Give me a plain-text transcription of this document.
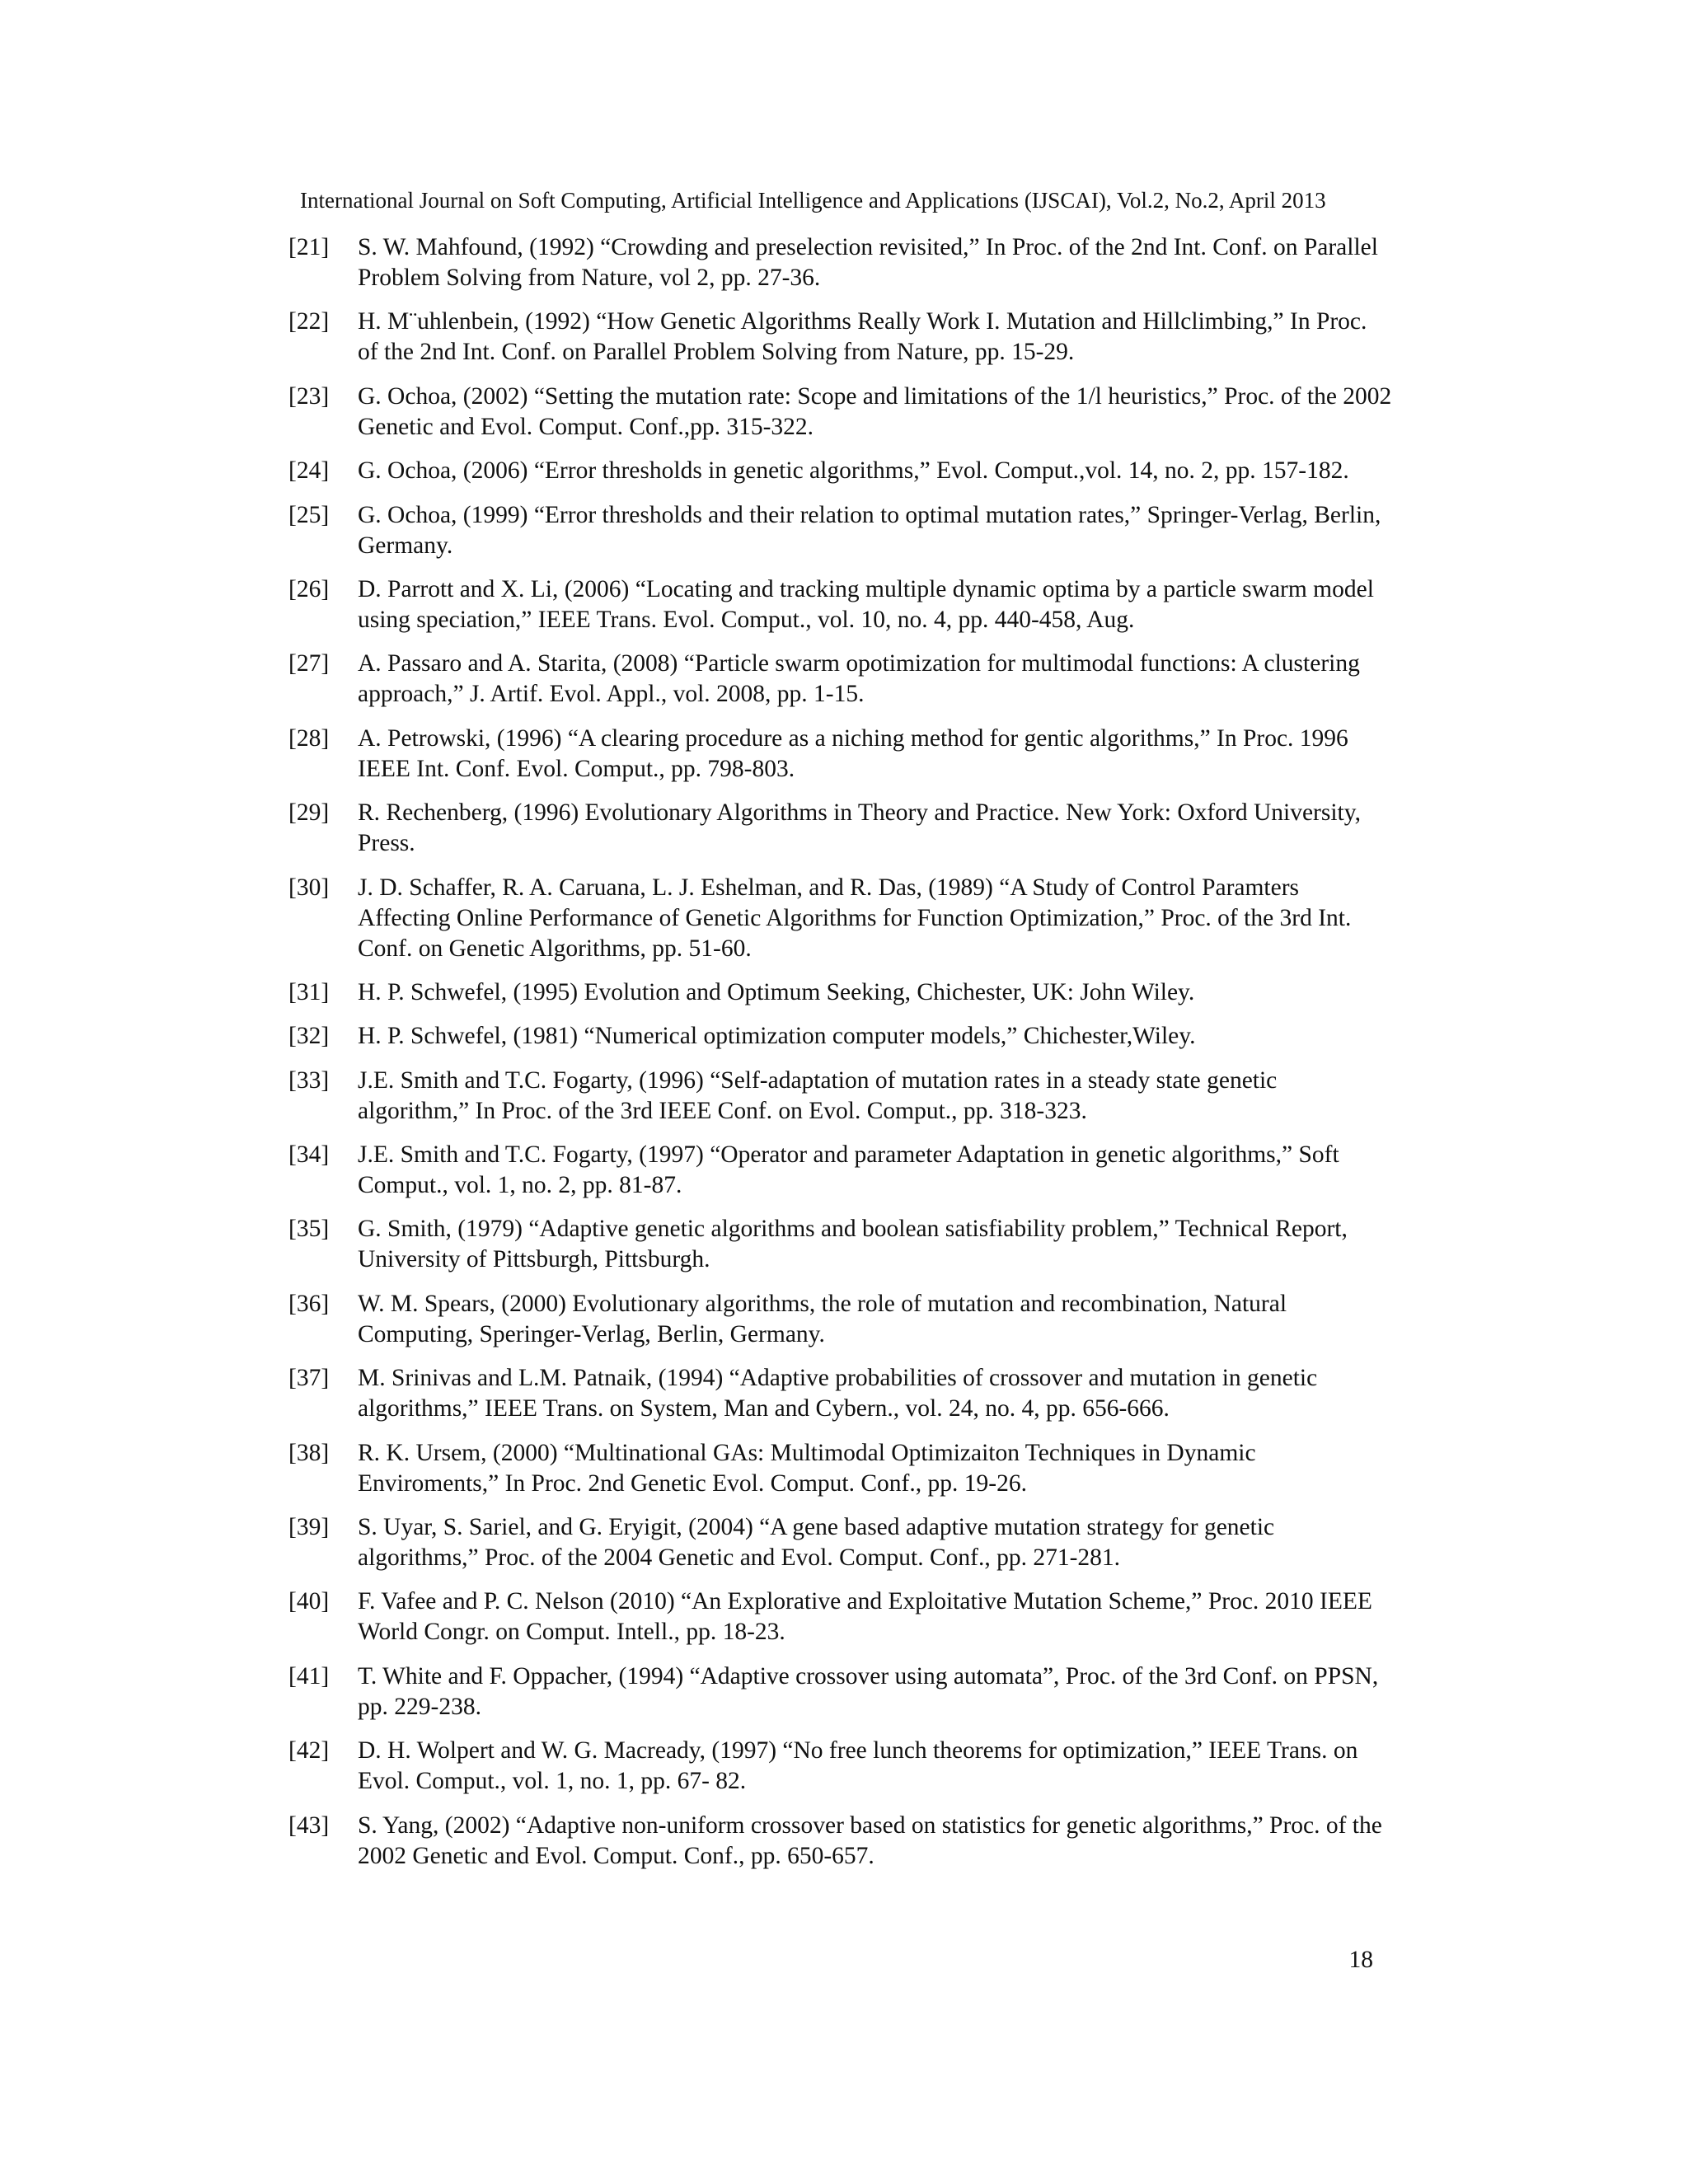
International Journal on Soft Computing, Artificial Intelligence and Applications (IJSCAI), Vol.2, No.2, April 2013
[21]	S. W. Mahfound, (1992) “Crowding and preselection revisited,” In Proc. of the 2nd Int. Conf. on Parallel Problem Solving from Nature, vol 2, pp. 27-36.
[22]	H. M¨uhlenbein, (1992) “How Genetic Algorithms Really Work I. Mutation and Hillclimbing,” In Proc. of the 2nd Int. Conf. on Parallel Problem Solving from Nature, pp. 15-29.
[23]	G. Ochoa, (2002) “Setting the mutation rate: Scope and limitations of the 1/l heuristics,” Proc. of the 2002 Genetic and Evol. Comput. Conf.,pp. 315-322.
[24]	G. Ochoa, (2006) “Error thresholds in genetic algorithms,” Evol. Comput.,vol. 14, no. 2, pp. 157-182.
[25]	G. Ochoa, (1999) “Error thresholds and their relation to optimal mutation rates,” Springer-Verlag, Berlin, Germany.
[26]	D. Parrott and X. Li, (2006) “Locating and tracking multiple dynamic optima by a particle swarm model using speciation,” IEEE Trans. Evol. Comput., vol. 10, no. 4, pp. 440-458, Aug.
[27]	A. Passaro and A. Starita, (2008) “Particle swarm opotimization for multimodal functions: A clustering approach,” J. Artif. Evol. Appl., vol. 2008, pp. 1-15.
[28]	A. Petrowski, (1996) “A clearing procedure as a niching method for gentic algorithms,” In Proc. 1996 IEEE Int. Conf. Evol. Comput., pp. 798-803.
[29]	R. Rechenberg, (1996) Evolutionary Algorithms in Theory and Practice. New York: Oxford University, Press.
[30]	J. D. Schaffer, R. A. Caruana, L. J. Eshelman, and R. Das, (1989) “A Study of Control Paramters Affecting Online Performance of Genetic Algorithms for Function Optimization,” Proc. of the 3rd Int. Conf. on Genetic Algorithms, pp. 51-60.
[31]	H. P. Schwefel, (1995) Evolution and Optimum Seeking, Chichester, UK: John Wiley.
[32]	H. P. Schwefel, (1981) “Numerical optimization computer models,” Chichester,Wiley.
[33]	J.E. Smith and T.C. Fogarty, (1996) “Self-adaptation of mutation rates in a steady state genetic algorithm,” In Proc. of the 3rd IEEE Conf. on Evol. Comput., pp. 318-323.
[34]	J.E. Smith and T.C. Fogarty, (1997) “Operator and parameter Adaptation in genetic algorithms,” Soft Comput., vol. 1, no. 2, pp. 81-87.
[35]	G. Smith, (1979) “Adaptive genetic algorithms and boolean satisfiability problem,” Technical Report, University of Pittsburgh, Pittsburgh.
[36]	W. M. Spears, (2000) Evolutionary algorithms, the role of mutation and recombination, Natural Computing, Speringer-Verlag, Berlin, Germany.
[37]	M. Srinivas and L.M. Patnaik, (1994) “Adaptive probabilities of crossover and mutation in genetic algorithms,” IEEE Trans. on System, Man and Cybern., vol. 24, no. 4, pp. 656-666.
[38]	R. K. Ursem, (2000) “Multinational GAs: Multimodal Optimizaiton Techniques in Dynamic Enviroments,” In Proc. 2nd Genetic Evol. Comput. Conf., pp. 19-26.
[39]	S. Uyar, S. Sariel, and G. Eryigit, (2004) “A gene based adaptive mutation strategy for genetic algorithms,” Proc. of the 2004 Genetic and Evol. Comput. Conf., pp. 271-281.
[40]	F. Vafee and P. C. Nelson (2010) “An Explorative and Exploitative Mutation Scheme,” Proc. 2010 IEEE World Congr. on Comput. Intell., pp. 18-23.
[41]	T. White and F. Oppacher, (1994) “Adaptive crossover using automata”, Proc. of the 3rd Conf. on PPSN, pp. 229-238.
[42]	D. H. Wolpert and W. G. Macready, (1997) “No free lunch theorems for optimization,” IEEE Trans. on Evol. Comput., vol. 1, no. 1, pp. 67- 82.
[43]	S. Yang, (2002) “Adaptive non-uniform crossover based on statistics for genetic algorithms,” Proc. of the 2002 Genetic and Evol. Comput. Conf., pp. 650-657.
18
